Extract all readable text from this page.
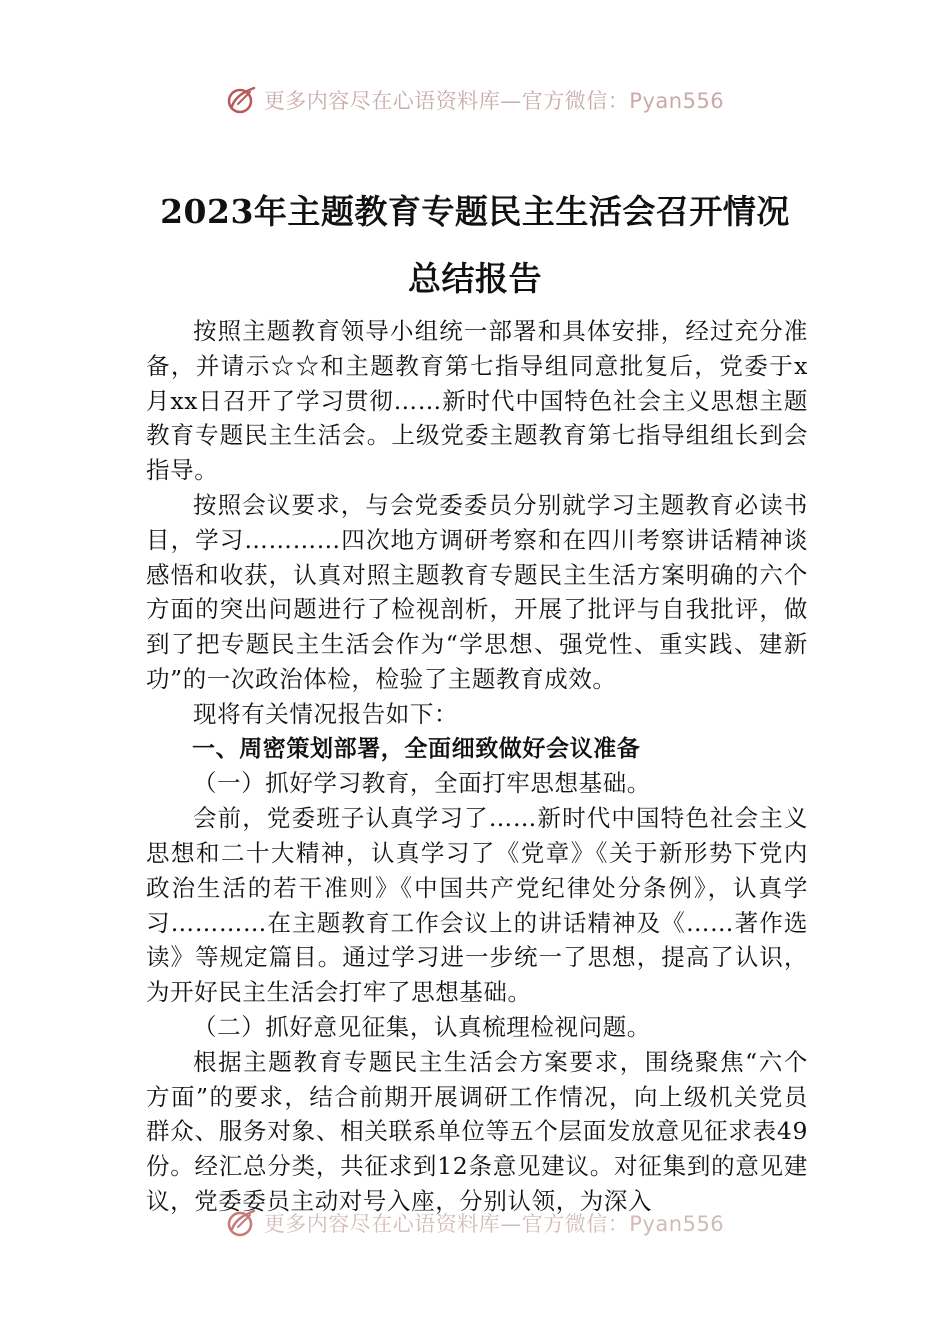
更多内容尽在心语资料库—官方微信：Pyan556
2023年主题教育专题民主生活会召开情况
总结报告

按照主题教育领导小组统一部署和具体安排，经过充分准备，并请示☆☆和主题教育第七指导组同意批复后，党委于x月xx日召开了学习贯彻……新时代中国特色社会主义思想主题教育专题民主生活会。上级党委主题教育第七指导组组长到会指导。

按照会议要求，与会党委委员分别就学习主题教育必读书目，学习…………四次地方调研考察和在四川考察讲话精神谈感悟和收获，认真对照主题教育专题民主生活方案明确的六个方面的突出问题进行了检视剖析，开展了批评与自我批评，做到了把专题民主生活会作为“学思想、强党性、重实践、建新功”的一次政治体检，检验了主题教育成效。

现将有关情况报告如下：

一、周密策划部署，全面细致做好会议准备

（一）抓好学习教育，全面打牢思想基础。

会前，党委班子认真学习了……新时代中国特色社会主义思想和二十大精神，认真学习了《党章》《关于新形势下党内政治生活的若干准则》《中国共产党纪律处分条例》，认真学习…………在主题教育工作会议上的讲话精神及《……著作选读》等规定篇目。通过学习进一步统一了思想，提高了认识，为开好民主生活会打牢了思想基础。

（二）抓好意见征集，认真梳理检视问题。

根据主题教育专题民主生活会方案要求，围绕聚焦“六个方面”的要求，结合前期开展调研工作情况，向上级机关党员群众、服务对象、相关联系单位等五个层面发放意见征求表49份。经汇总分类，共征求到12条意见建议。对征集到的意见建议，党委委员主动对号入座，分别认领，为深入

更多内容尽在心语资料库—官方微信：Pyan556
